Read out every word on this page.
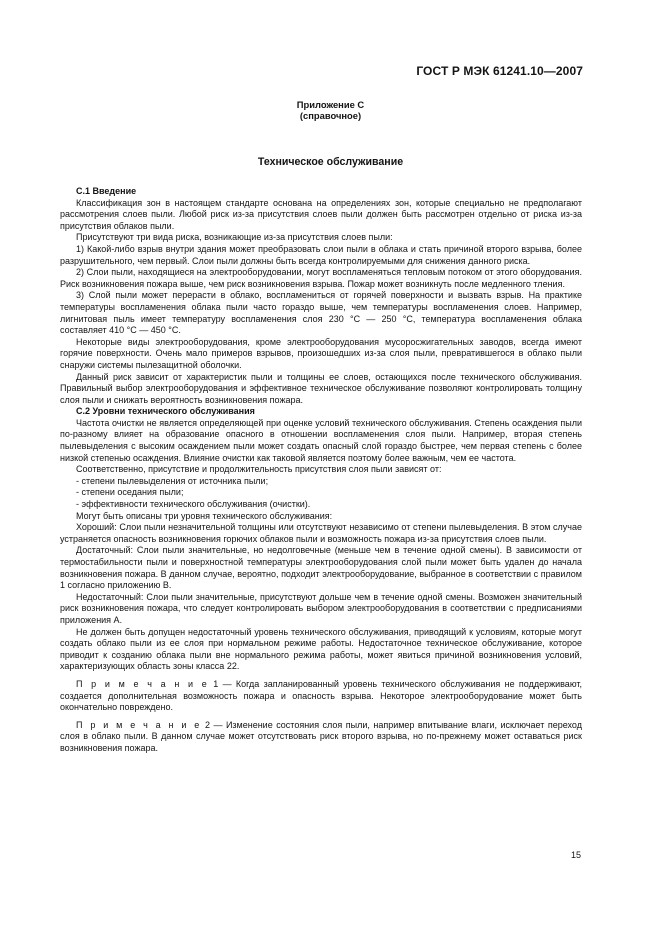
ГОСТ Р МЭК 61241.10—2007
Приложение С
(справочное)
Техническое обслуживание

С.1 Введение

Классификация зон в настоящем стандарте основана на определениях зон, которые специально не предполагают рассмотрения слоев пыли. Любой риск из-за присутствия слоев пыли должен быть рассмотрен отдельно от риска из-за присутствия облаков пыли.

Присутствуют три вида риска, возникающие из-за присутствия слоев пыли:

1) Какой-либо взрыв внутри здания может преобразовать слои пыли в облака и стать причиной второго взрыва, более разрушительного, чем первый. Слои пыли должны быть всегда контролируемыми для снижения данного риска.

2) Слои пыли, находящиеся на электрооборудовании, могут воспламеняться тепловым потоком от этого оборудования. Риск возникновения пожара выше, чем риск возникновения взрыва. Пожар может возникнуть после медленного тления.

3) Слой пыли может перерасти в облако, воспламениться от горячей поверхности и вызвать взрыв. На практике температуры воспламенения облака пыли часто гораздо выше, чем температуры воспламенения слоев. Например, лигнитовая пыль имеет температуру воспламенения слоя 230 °С — 250 °С, температура воспламенения облака составляет 410 °С — 450 °С.

Некоторые виды электрооборудования, кроме электрооборудования мусоросжигательных заводов, всегда имеют горячие поверхности. Очень мало примеров взрывов, произошедших из-за слоя пыли, превратившегося в облако пыли снаружи системы пылезащитной оболочки.

Данный риск зависит от характеристик пыли и толщины ее слоев, остающихся после технического обслуживания. Правильный выбор электрооборудования и эффективное техническое обслуживание позволяют контролировать толщину слоя пыли и снижать вероятность возникновения пожара.

С.2 Уровни технического обслуживания

Частота очистки не является определяющей при оценке условий технического обслуживания. Степень осаждения пыли по-разному влияет на образование опасного в отношении воспламенения слоя пыли. Например, вторая степень пылевыделения с высоким осаждением пыли может создать опасный слой гораздо быстрее, чем первая степень с более низкой степенью осаждения. Влияние очистки как таковой является поэтому более важным, чем ее частота.

Соответственно, присутствие и продолжительность присутствия слоя пыли зависят от:

- степени пылевыделения от источника пыли;

- степени оседания пыли;

- эффективности технического обслуживания (очистки).

Могут быть описаны три уровня технического обслуживания:

Хороший: Слои пыли незначительной толщины или отсутствуют независимо от степени пылевыделения. В этом случае устраняется опасность возникновения горючих облаков пыли и возможность пожара из-за присутствия слоев пыли.

Достаточный: Слои пыли значительные, но недолговечные (меньше чем в течение одной смены). В зависимости от термостабильности пыли и поверхностной температуры электрооборудования слой пыли может быть удален до начала возникновения пожара. В данном случае, вероятно, подходит электрооборудование, выбранное в соответствии с правилом 1 согласно приложению В.

Недостаточный: Слои пыли значительные, присутствуют дольше чем в течение одной смены. Возможен значительный риск возникновения пожара, что следует контролировать выбором электрооборудования в соответствии с предписаниями приложения А.

Не должен быть допущен недостаточный уровень технического обслуживания, приводящий к условиям, которые могут создать облако пыли из ее слоя при нормальном режиме работы. Недостаточное техническое обслуживание, которое приводит к созданию облака пыли вне нормального режима работы, может явиться причиной возникновения условий, характеризующих область зоны класса 22.

П р и м е ч а н и е 1 — Когда запланированный уровень технического обслуживания не поддерживают, создается дополнительная возможность пожара и опасность взрыва. Некоторое электрооборудование может быть окончательно повреждено.

П р и м е ч а н и е 2 — Изменение состояния слоя пыли, например впитывание влаги, исключает переход слоя в облако пыли. В данном случае может отсутствовать риск второго взрыва, но по-прежнему может оставаться риск возникновения пожара.

15
